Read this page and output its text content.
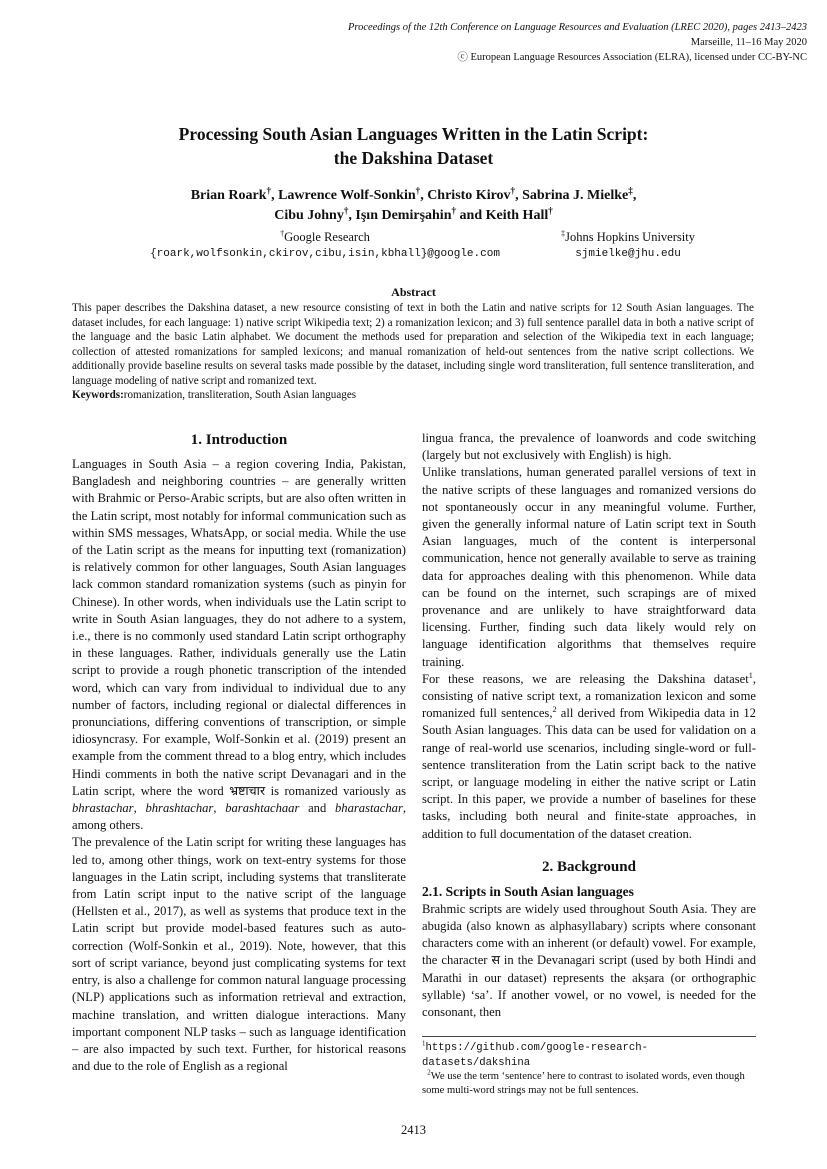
Proceedings of the 12th Conference on Language Resources and Evaluation (LREC 2020), pages 2413–2423
Marseille, 11–16 May 2020
ⓒ European Language Resources Association (ELRA), licensed under CC-BY-NC
Processing South Asian Languages Written in the Latin Script:
the Dakshina Dataset
Brian Roark†, Lawrence Wolf-Sonkin†, Christo Kirov†, Sabrina J. Mielke‡,
Cibu Johny†, Işın Demirşahin† and Keith Hall†
†Google Research
{roark,wolfsonkin,ckirov,cibu,isin,kbhall}@google.com
‡Johns Hopkins University
sjmielke@jhu.edu
Abstract
This paper describes the Dakshina dataset, a new resource consisting of text in both the Latin and native scripts for 12 South Asian languages. The dataset includes, for each language: 1) native script Wikipedia text; 2) a romanization lexicon; and 3) full sentence parallel data in both a native script of the language and the basic Latin alphabet. We document the methods used for preparation and selection of the Wikipedia text in each language; collection of attested romanizations for sampled lexicons; and manual romanization of held-out sentences from the native script collections. We additionally provide baseline results on several tasks made possible by the dataset, including single word transliteration, full sentence transliteration, and language modeling of native script and romanized text.
Keywords:romanization, transliteration, South Asian languages
1. Introduction

Languages in South Asia – a region covering India, Pakistan, Bangladesh and neighboring countries – are generally written with Brahmic or Perso-Arabic scripts, but are also often written in the Latin script, most notably for informal communication such as within SMS messages, WhatsApp, or social media. While the use of the Latin script as the means for inputting text (romanization) is relatively common for other languages, South Asian languages lack common standard romanization systems (such as pinyin for Chinese). In other words, when individuals use the Latin script to write in South Asian languages, they do not adhere to a system, i.e., there is no commonly used standard Latin script orthography in these languages. Rather, individuals generally use the Latin script to provide a rough phonetic transcription of the intended word, which can vary from individual to individual due to any number of factors, including regional or dialectal differences in pronunciations, differing conventions of transcription, or simple idiosyncrasy. For example, Wolf-Sonkin et al. (2019) present an example from the comment thread to a blog entry, which includes Hindi comments in both the native script Devanagari and in the Latin script, where the word भ्रष्टाचार is romanized variously as bhrastachar, bhrashtachar, barashtachaar and bharastachar, among others.

The prevalence of the Latin script for writing these languages has led to, among other things, work on text-entry systems for those languages in the Latin script, including systems that transliterate from Latin script input to the native script of the language (Hellsten et al., 2017), as well as systems that produce text in the Latin script but provide model-based features such as auto-correction (Wolf-Sonkin et al., 2019). Note, however, that this sort of script variance, beyond just complicating systems for text entry, is also a challenge for common natural language processing (NLP) applications such as information retrieval and extraction, machine translation, and written dialogue interactions. Many important component NLP tasks – such as language identification – are also impacted by such text. Further, for historical reasons and due to the role of English as a regional

lingua franca, the prevalence of loanwords and code switching (largely but not exclusively with English) is high.

Unlike translations, human generated parallel versions of text in the native scripts of these languages and romanized versions do not spontaneously occur in any meaningful volume. Further, given the generally informal nature of Latin script text in South Asian languages, much of the content is interpersonal communication, hence not generally available to serve as training data for approaches dealing with this phenomenon. While data can be found on the internet, such scrapings are of mixed provenance and are unlikely to have straightforward data licensing. Further, finding such data likely would rely on language identification algorithms that themselves require training.

For these reasons, we are releasing the Dakshina dataset$^1$, consisting of native script text, a romanization lexicon and some romanized full sentences,$^2$ all derived from Wikipedia data in 12 South Asian languages. This data can be used for validation on a range of real-world use scenarios, including single-word or full-sentence transliteration from the Latin script back to the native script, or language modeling in either the native script or Latin script. In this paper, we provide a number of baselines for these tasks, including both neural and finite-state approaches, in addition to full documentation of the dataset creation.

2. Background
2.1. Scripts in South Asian languages

Brahmic scripts are widely used throughout South Asia. They are abugida (also known as alphasyllabary) scripts where consonant characters come with an inherent (or default) vowel. For example, the character स in the Devanagari script (used by both Hindi and Marathi in our dataset) represents the akṣara (or orthographic syllable) ‘sa’. If another vowel, or no vowel, is needed for the consonant, then

$^1$https://github.com/google-research-datasets/dakshina
$^2$We use the term ‘sentence’ here to contrast to isolated words, even though some multi-word strings may not be full sentences.
2413
